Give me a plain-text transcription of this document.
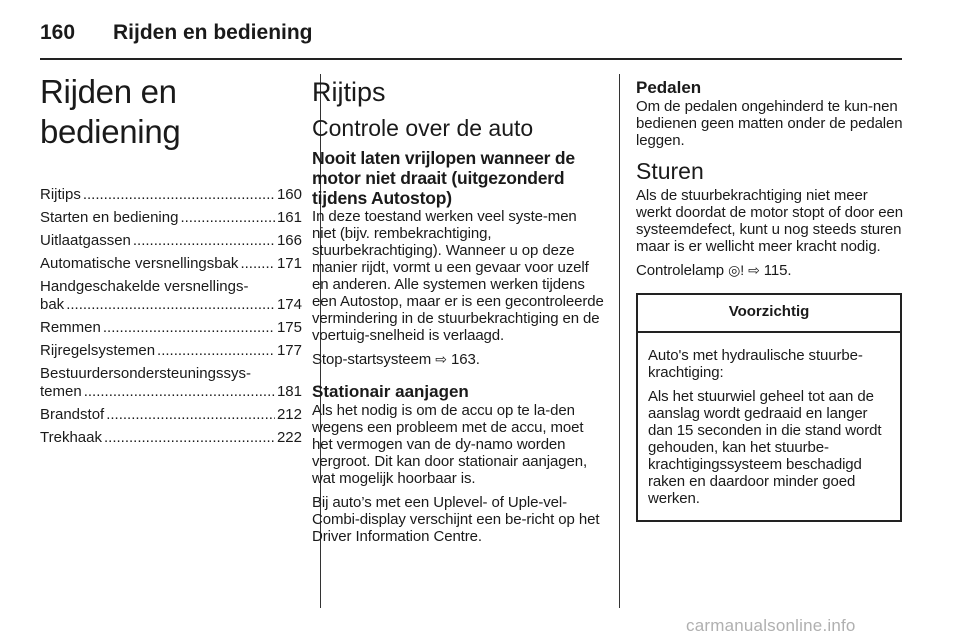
160 Rijden en bediening
Rijden en bediening
Rijtips .....	160
Starten en bediening .....	161
Uitlaatgassen .....	166
Automatische versnellingsbak .....	171
Handgeschakelde versnellings-
bak .....	174
Remmen .....	175
Rijregelsystemen .....	177
Bestuurdersondersteuningssys-
temen .....	181
Brandstof .....	212
Trekhaak .....	222
Rijtips
Controle over de auto
Nooit laten vrijlopen wanneer de motor niet draait (uitgezonderd tijdens Autostop)

In deze toestand werken veel syste-men niet (bijv. rembekrachtiging, stuurbekrachtiging). Wanneer u op deze manier rijdt, vormt u een gevaar voor uzelf en anderen. Alle systemen werken tijdens een Autostop, maar er is een gecontroleerde vermindering in de stuurbekrachtiging en de voertuig-snelheid is verlaagd.

Stop-startsysteem ⇨ 163.

Stationair aanjagen

Als het nodig is om de accu op te la-den wegens een probleem met de accu, moet het vermogen van de dy-namo worden vergroot. Dit kan door stationair aanjagen, wat mogelijk hoorbaar is.

Bij auto’s met een Uplevel- of Uple-vel-Combi-display verschijnt een be-richt op het Driver Information Centre.

Pedalen

Om de pedalen ongehinderd te kun-nen bedienen geen matten onder de pedalen leggen.

Sturen

Als de stuurbekrachtiging niet meer werkt doordat de motor stopt of door een systeemdefect, kunt u nog steeds sturen maar is er wellicht meer kracht nodig.

Controlelamp ◎! ⇨ 115.

Voorzichtig

Auto's met hydraulische stuurbe-krachtiging:

Als het stuurwiel geheel tot aan de aanslag wordt gedraaid en langer dan 15 seconden in die stand wordt gehouden, kan het stuurbe-krachtigingssysteem beschadigd raken en daardoor minder goed werken.

carmanualsonline.info
